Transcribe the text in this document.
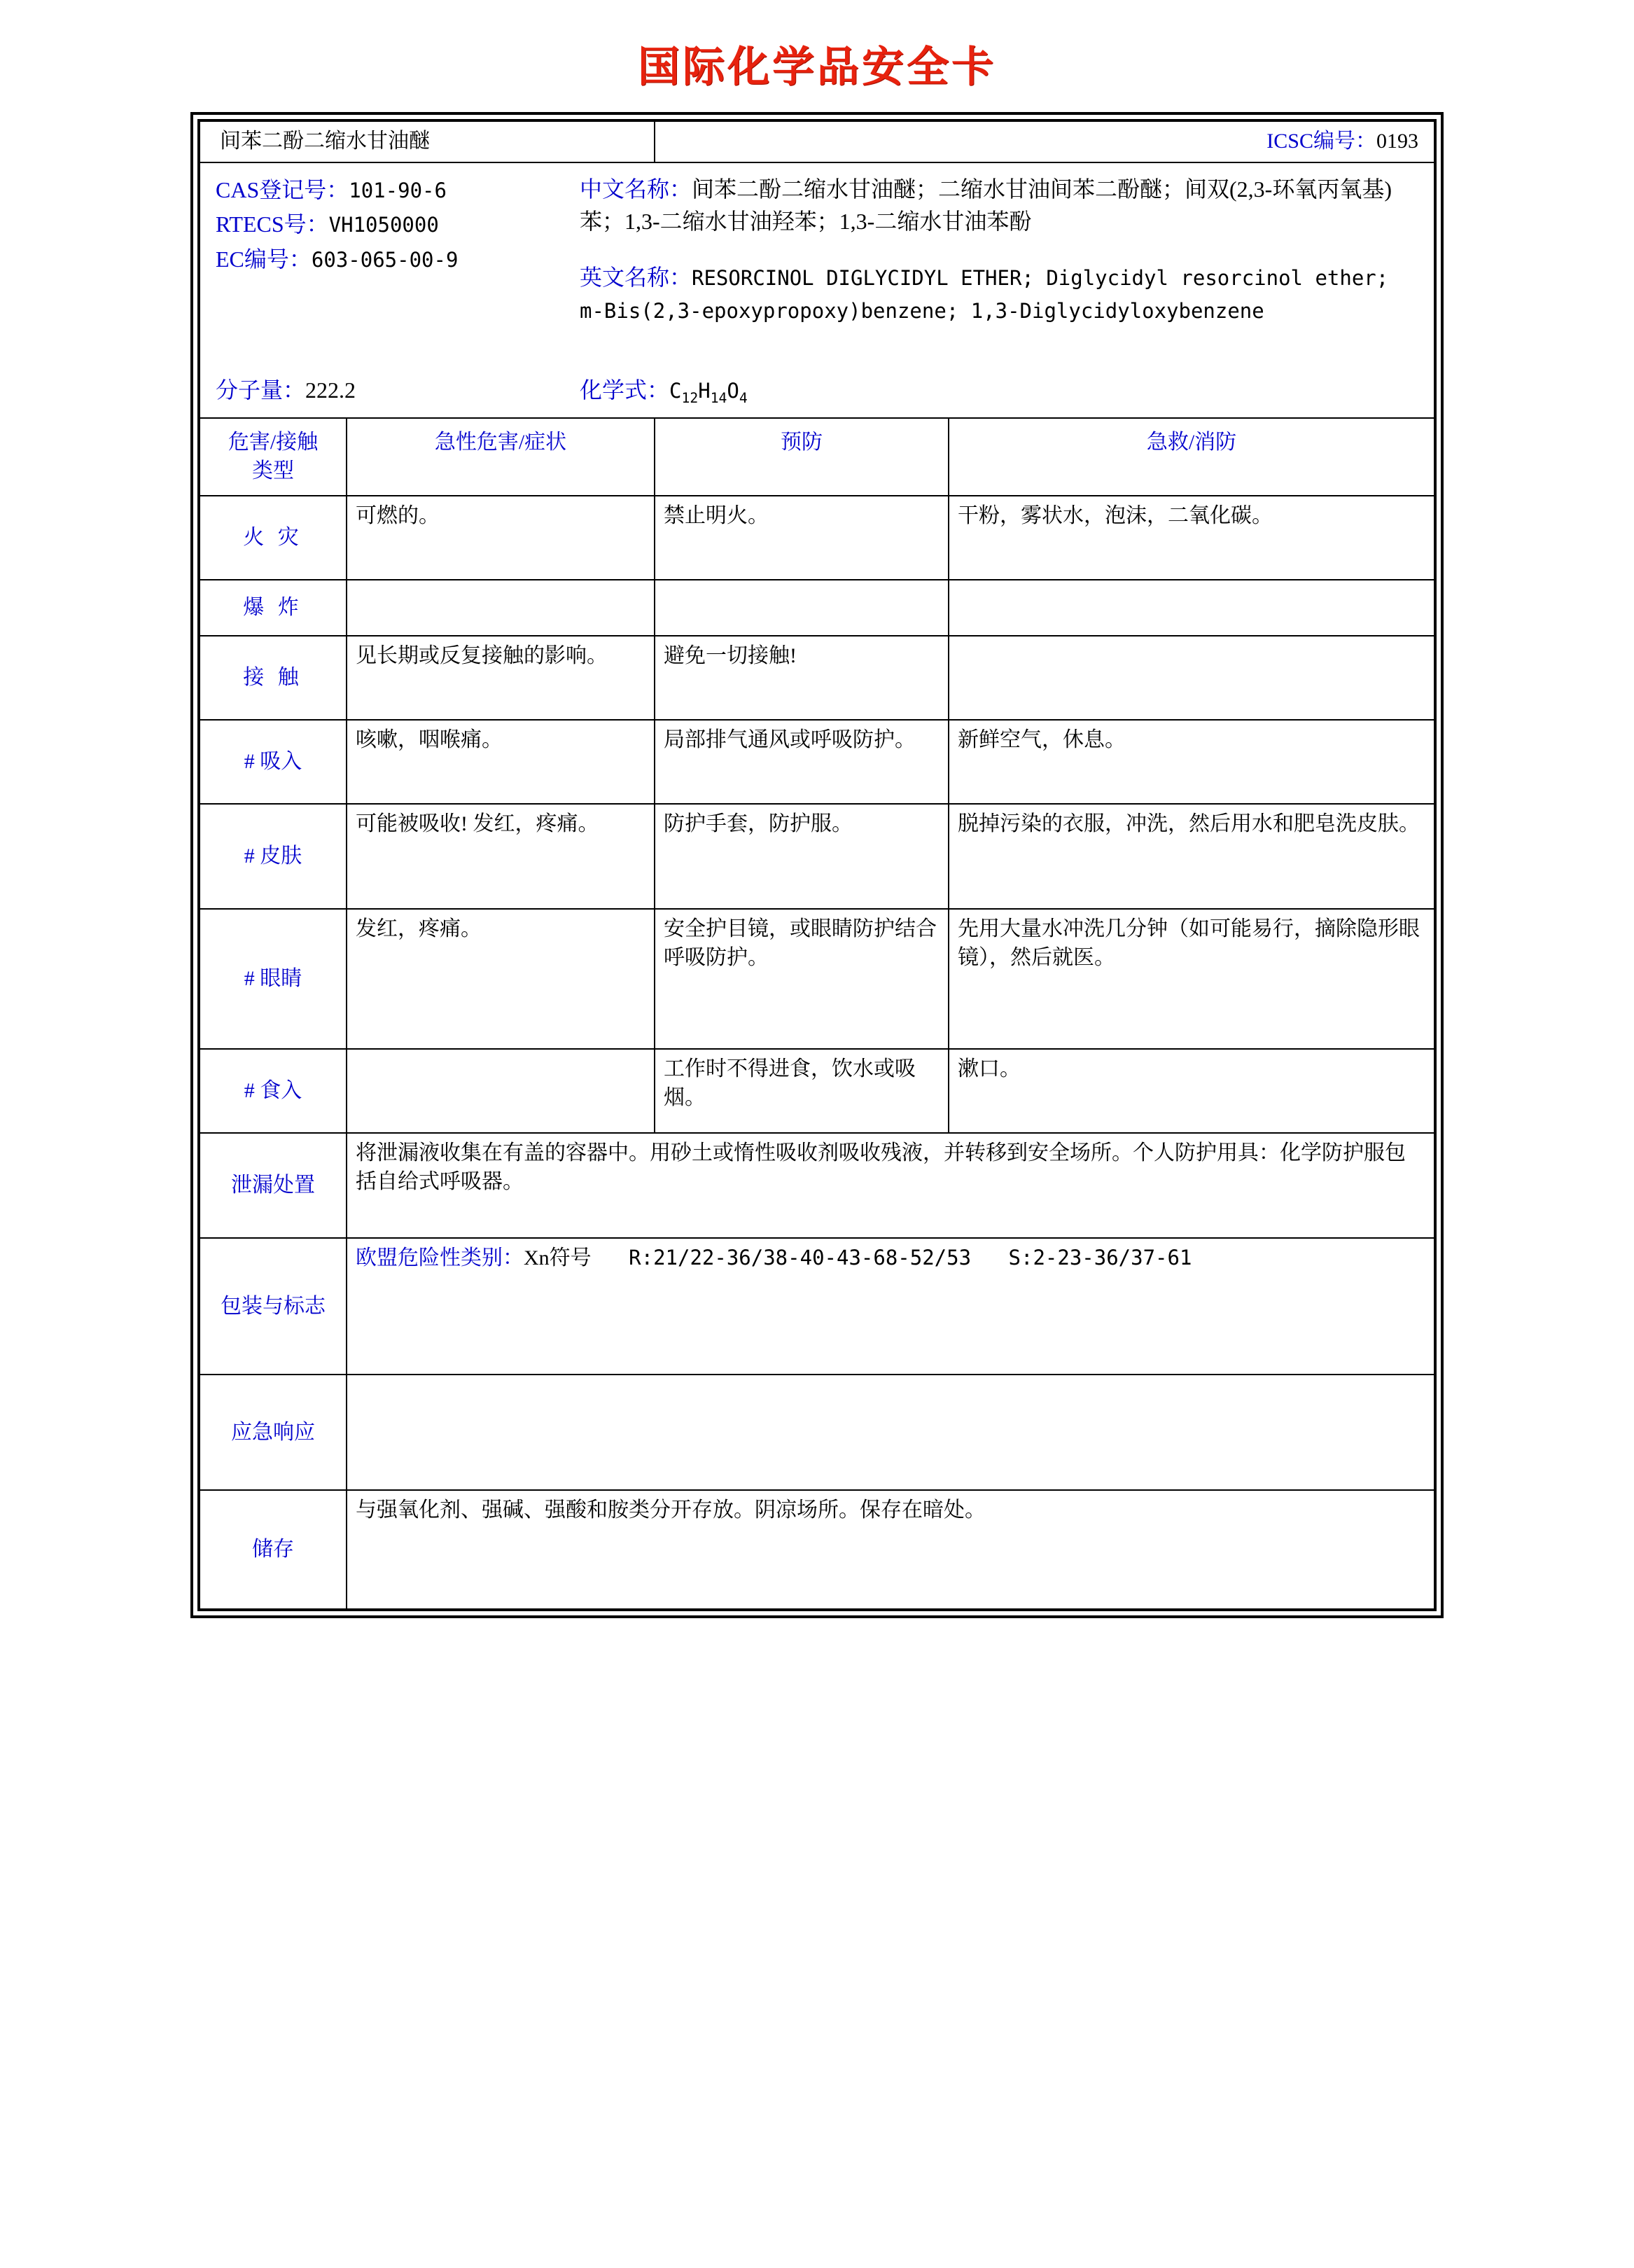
国际化学品安全卡
间苯二酚二缩水甘油醚		ICSC编号：0193	

CAS登记号：101-90-6
RTECS号：VH1050000
EC编号：603-065-00-9
中文名称：间苯二酚二缩水甘油醚；二缩水甘油间苯二酚醚；间双(2,3-环氧丙氧基)苯；1,3-二缩水甘油羟苯；1,3-二缩水甘油苯酚
英文名称：RESORCINOL DIGLYCIDYL ETHER; Diglycidyl resorcinol ether; m-Bis(2,3-epoxypropoxy)benzene; 1,3-Diglycidyloxybenzene
分子量：222.2	化学式：$C_{12}H_{14}O_4$

危害/接触
类型	急性危害/症状	预防	急救/消防
火 灾	可燃的。	禁止明火。	干粉，雾状水，泡沫，二氧化碳。
爆 炸			
接 触	见长期或反复接触的影响。	避免一切接触!	
# 吸入	咳嗽，咽喉痛。	局部排气通风或呼吸防护。	新鲜空气，休息。
# 皮肤	可能被吸收! 发红，疼痛。	防护手套，防护服。	脱掉污染的衣服，冲洗，然后用水和肥皂洗皮肤。
# 眼睛	发红，疼痛。	安全护目镜，或眼睛防护结合呼吸防护。	先用大量水冲洗几分钟（如可能易行，摘除隐形眼镜），然后就医。
# 食入		工作时不得进食，饮水或吸烟。	漱口。
泄漏处置	将泄漏液收集在有盖的容器中。用砂土或惰性吸收剂吸收残液，并转移到安全场所。个人防护用具：化学防护服包括自给式呼吸器。		
包装与标志	欧盟危险性类别：Xn符号 R:21/22-36/38-40-43-68-52/53 S:2-23-36/37-61		
应急响应			
储存	与强氧化剂、强碱、强酸和胺类分开存放。阴凉场所。保存在暗处。		
